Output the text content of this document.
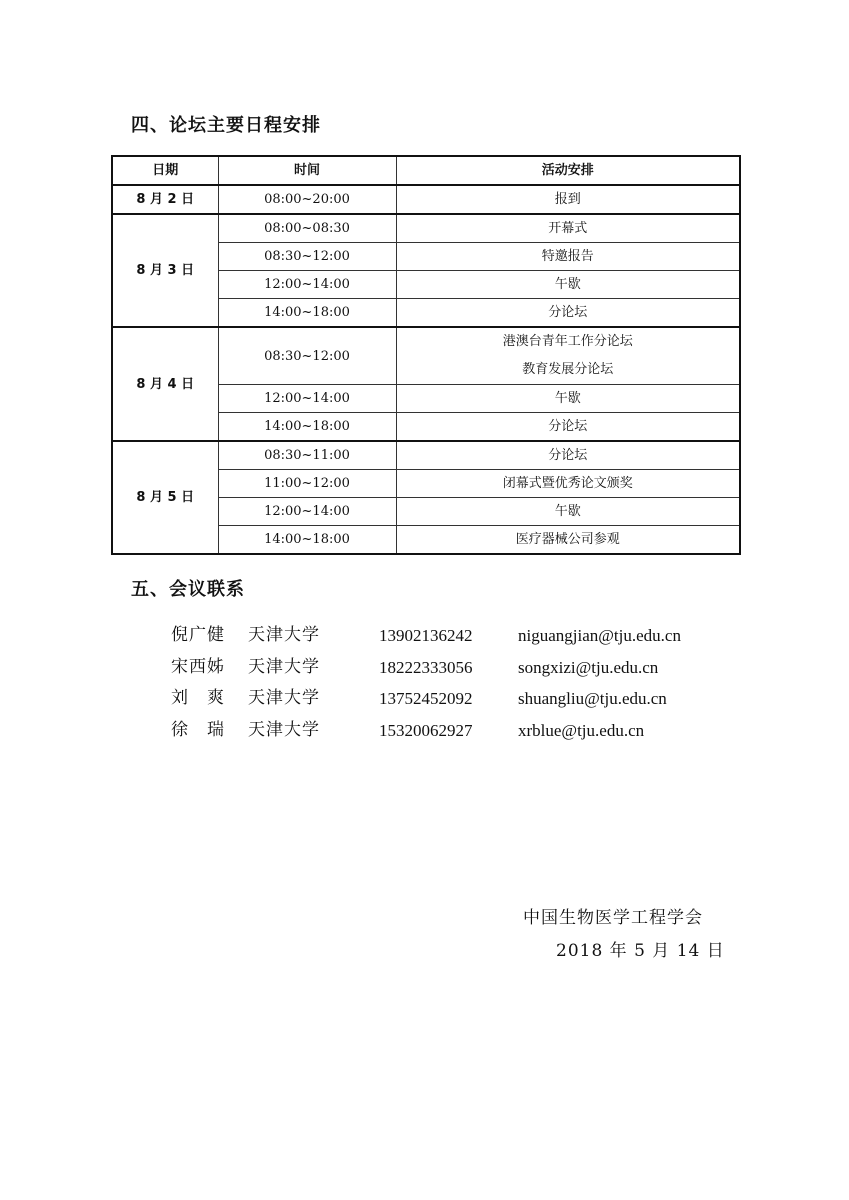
四、论坛主要日程安排
日期	时间	活动安排
8 月 2 日	08:00~20:00	报到
8 月 3 日	08:00~08:30	开幕式
	08:30~12:00	特邀报告
	12:00~14:00	午歇
	14:00~18:00	分论坛
8 月 4 日	08:30~12:00	港澳台青年工作分论坛
教育发展分论坛

	12:00~14:00	午歇
	14:00~18:00	分论坛
8 月 5 日	08:30~11:00	分论坛
	11:00~12:00	闭幕式暨优秀论文颁奖
	12:00~14:00	午歇
	14:00~18:00	医疗器械公司参观
五、会议联系
倪广健 天津大学	13902136242	niguangjian@tju.edu.cn
宋西姊 天津大学	18222333056	songxizi@tju.edu.cn
刘　爽 天津大学	13752452092	shuangliu@tju.edu.cn
徐　瑞 天津大学	15320062927	xrblue@tju.edu.cn

中国生物医学工程学会

2018 年 5 月 14 日
